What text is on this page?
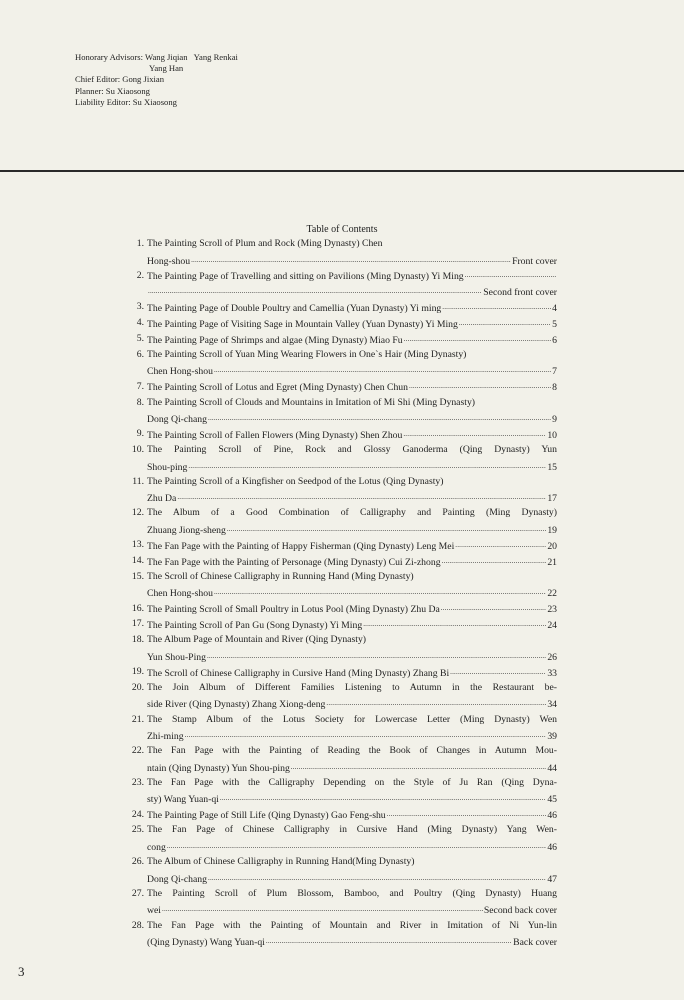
Honorary Advisors: Wang Jiqian   Yang Renkai
Yang Han
Chief Editor: Gong Jixian
Planner: Su Xiaosong
Liability Editor: Su Xiaosong
Table of Contents
1. The Painting Scroll of Plum and Rock (Ming Dynasty) Chen
Hong-shou .....	Front cover
2. The Painting Page of Travelling and sitting on Pavilions (Ming Dynasty) Yi Ming
.....
.....
Second front cover
3. The Painting Page of Double Poultry and Camellia (Yuan Dynasty) Yi ming .....	4
4. The Painting Page of Visiting Sage in Mountain Valley (Yuan Dynasty) Yi Ming .....	5
5. The Painting Page of Shrimps and algae (Ming Dynasty) Miao Fu .....	6
6. The Painting Scroll of Yuan Ming Wearing Flowers in One`s Hair (Ming Dynasty)
Chen Hong-shou .....	7
7. The Painting Scroll of Lotus and Egret (Ming Dynasty) Chen Chun .....	8
8. The Painting Scroll of Clouds and Mountains in Imitation of Mi Shi (Ming Dynasty)
Dong Qi-chang .....	9
9. The Painting Scroll of Fallen Flowers (Ming Dynasty) Shen Zhou .....	10
10. The Painting Scroll of Pine, Rock and Glossy Ganoderma (Qing Dynasty) Yun
Shou-ping .....	15
11. The Painting Scroll of a Kingfisher on Seedpod of the Lotus (Qing Dynasty)
Zhu Da .....	17
12. The Album of a Good Combination of Calligraphy and Painting (Ming Dynasty)
Zhuang Jiong-sheng .....	19
13. The Fan Page with the Painting of Happy Fisherman (Qing Dynasty) Leng Mei .....	20
14. The Fan Page with the Painting of Personage (Ming Dynasty) Cui Zi-zhong .....	21
15. The Scroll of Chinese Calligraphy in Running Hand (Ming Dynasty)
Chen Hong-shou .....	22
16. The Painting Scroll of Small Poultry in Lotus Pool (Ming Dynasty) Zhu Da .....	23
17. The Painting Scroll of Pan Gu (Song Dynasty) Yi Ming .....	24
18. The Album Page of Mountain and River (Qing Dynasty)
Yun Shou-Ping .....	26
19. The Scroll of Chinese Calligraphy in Cursive Hand (Ming Dynasty) Zhang Bi .....	33
20. The Join Album of Different Families Listening to Autumn in the Restaurant be-
side River (Qing Dynasty) Zhang Xiong-deng .....	34
21. The Stamp Album of the Lotus Society for Lowercase Letter (Ming Dynasty) Wen
Zhi-ming .....	39
22. The Fan Page with the Painting of Reading the Book of Changes in Autumn Mou-
ntain (Qing Dynasty) Yun Shou-ping .....	44
23. The Fan Page with the Calligraphy Depending on the Style of Ju Ran (Qing Dyna-
sty) Wang Yuan-qi .....	45
24. The Painting Page of Still Life (Qing Dynasty) Gao Feng-shu .....	46
25. The Fan Page of Chinese Calligraphy in Cursive Hand (Ming Dynasty) Yang Wen-
cong .....	46
26. The Album of Chinese Calligraphy in Running Hand(Ming Dynasty)
Dong Qi-chang .....	47
27. The Painting Scroll of Plum Blossom, Bamboo, and Poultry (Qing Dynasty) Huang
wei .....	Second back cover
28. The Fan Page with the Painting of Mountain and River in Imitation of Ni Yun-lin
(Qing Dynasty) Wang Yuan-qi .....	Back cover
3
